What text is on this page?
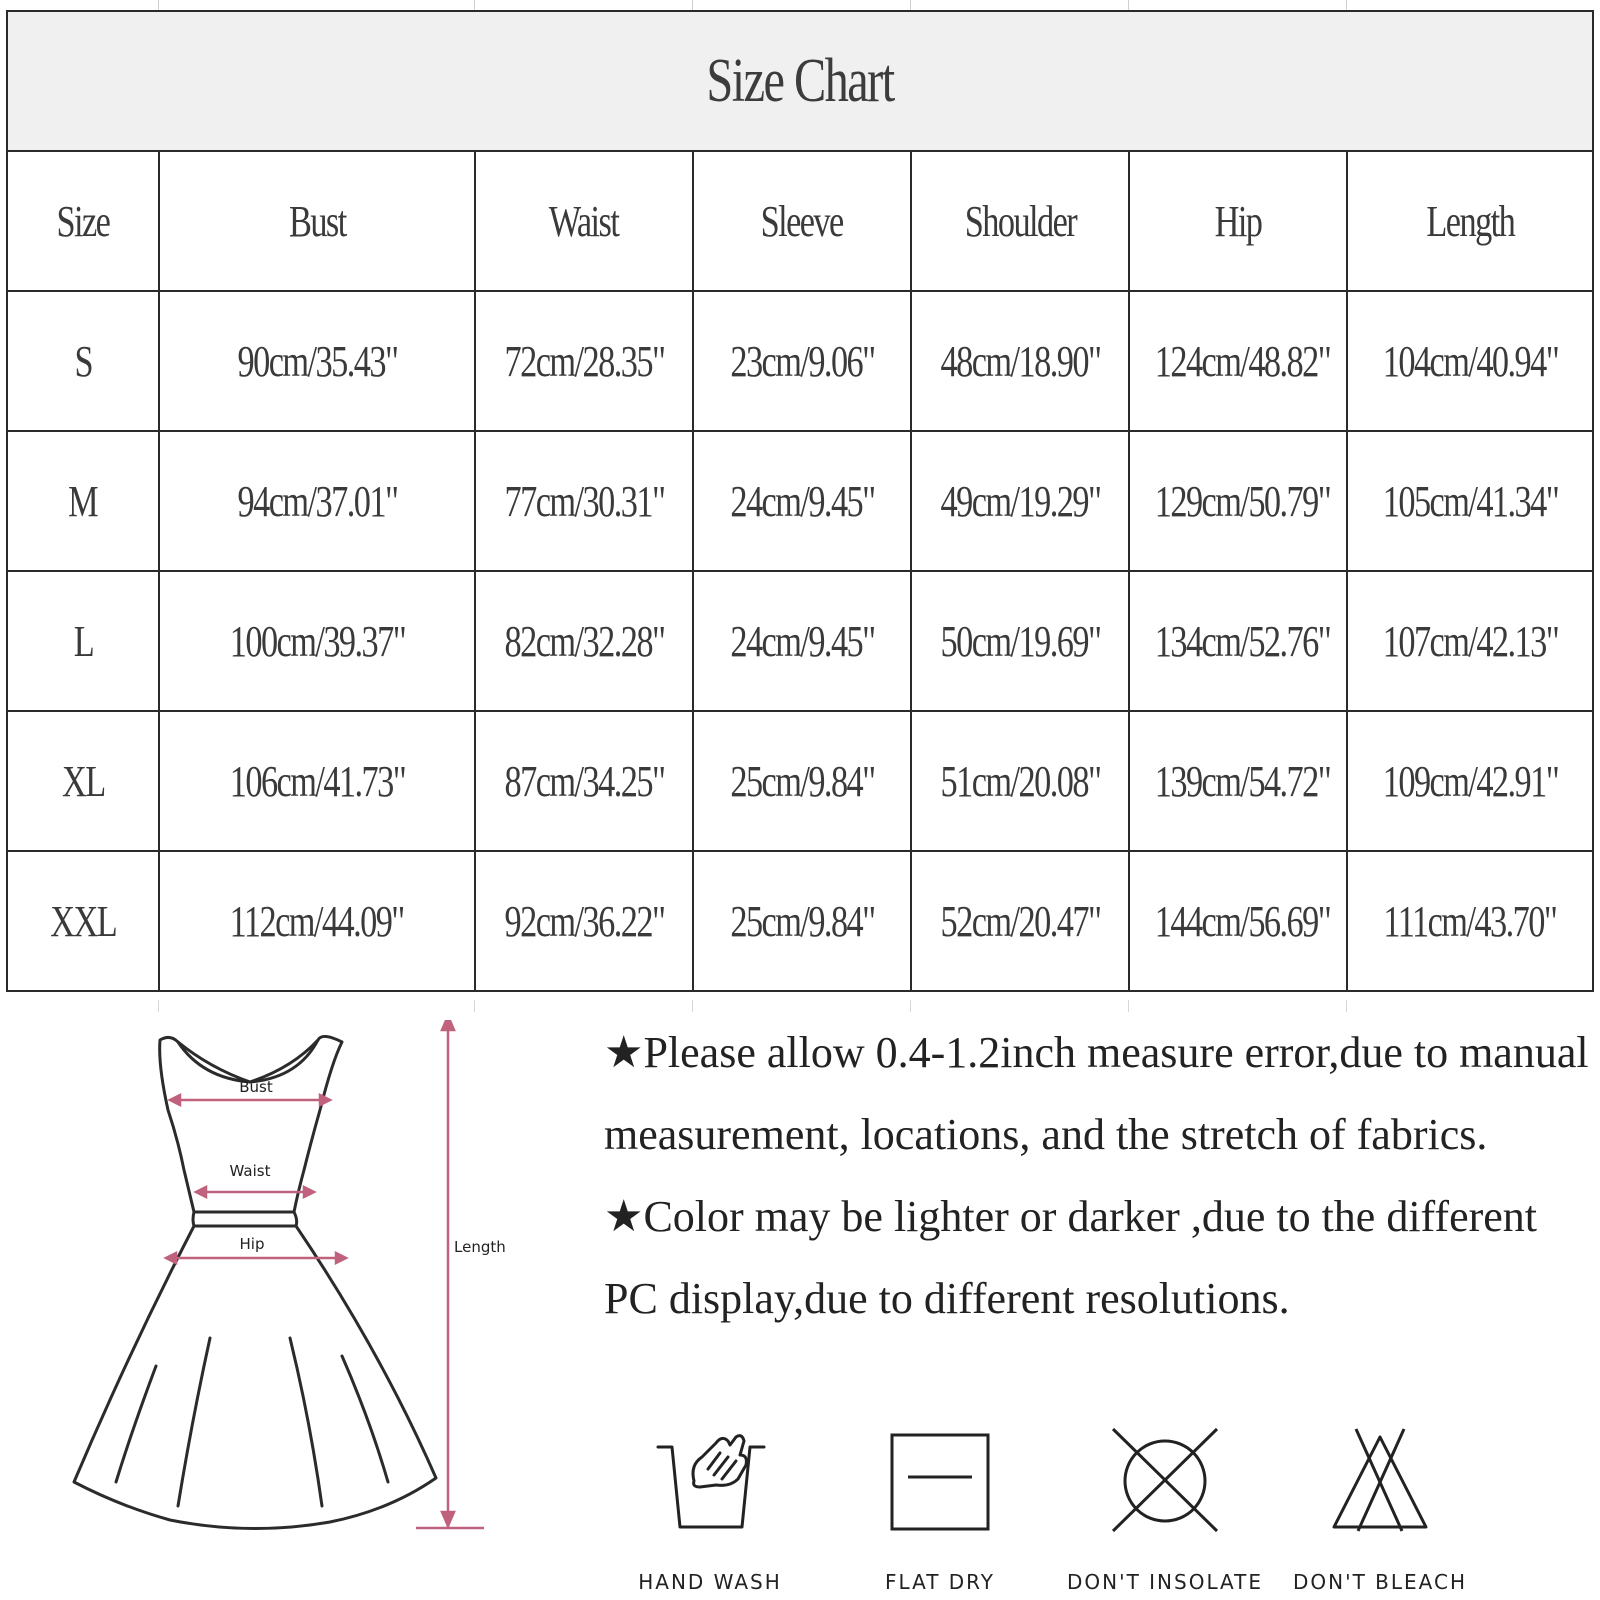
Size Chart						
Size	Bust	Waist	Sleeve	Shoulder	Hip	Length
S	90cm/35.43"	72cm/28.35"	23cm/9.06"	48cm/18.90"	124cm/48.82"	104cm/40.94"
M	94cm/37.01"	77cm/30.31"	24cm/9.45"	49cm/19.29"	129cm/50.79"	105cm/41.34"
L	100cm/39.37"	82cm/32.28"	24cm/9.45"	50cm/19.69"	134cm/52.76"	107cm/42.13"
XL	106cm/41.73"	87cm/34.25"	25cm/9.84"	51cm/20.08"	139cm/54.72"	109cm/42.91"
XXL	112cm/44.09"	92cm/36.22"	25cm/9.84"	52cm/20.47"	144cm/56.69"	111cm/43.70"
Bust
Waist
Hip	Length

★Please allow 0.4-1.2inch measure error,due to manual measurement, locations, and the stretch of fabrics.

★Color may be lighter or darker ,due to the different PC display,due to different resolutions.

HAND WASH	FLAT DRY	DON'T INSOLATE	DON'T BLEACH
